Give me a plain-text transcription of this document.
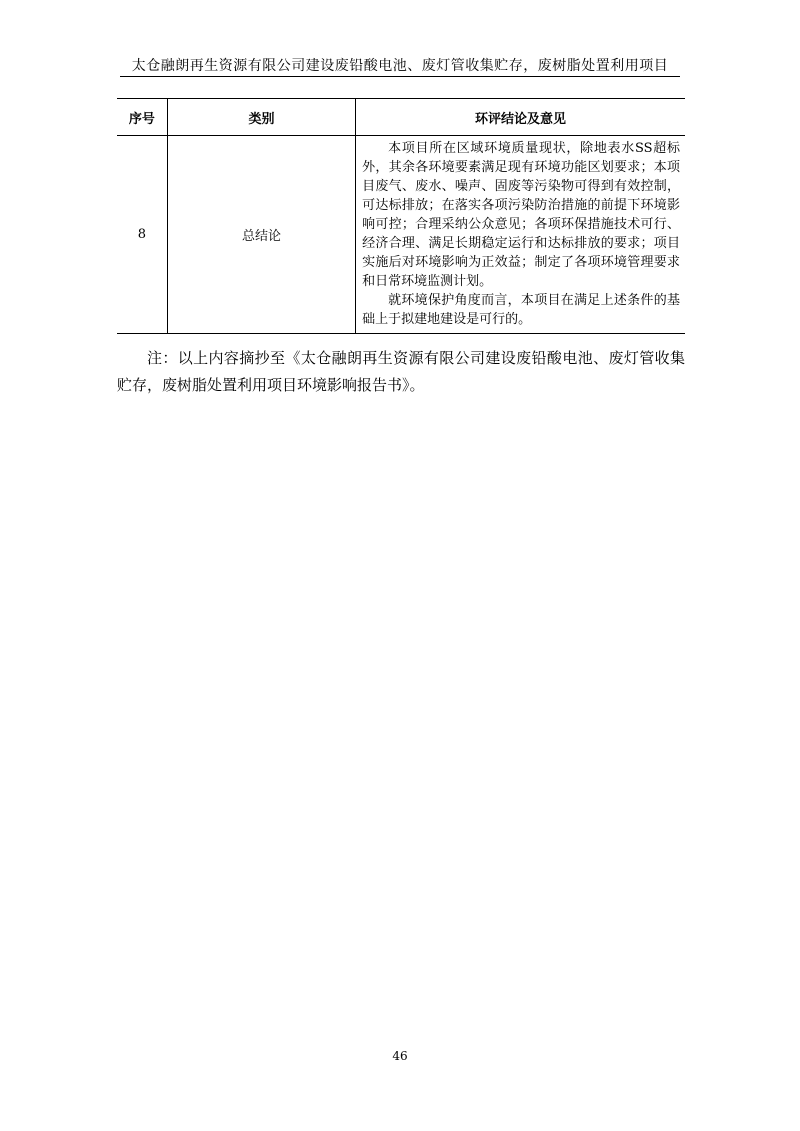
太仓融朗再生资源有限公司建设废铅酸电池、废灯管收集贮存，废树脂处置利用项目
序号	类别	环评结论及意见
8	总结论	本项目所在区域环境质量现状，除地表水SS超标外，其余各环境要素满足现有环境功能区划要求；本项目废气、废水、噪声、固废等污染物可得到有效控制，可达标排放；在落实各项污染防治措施的前提下环境影响可控；合理采纳公众意见；各项环保措施技术可行、经济合理、满足长期稳定运行和达标排放的要求；项目实施后对环境影响为正效益；制定了各项环境管理要求和日常环境监测计划。

就环境保护角度而言，本项目在满足上述条件的基础上于拟建地建设是可行的。

注：以上内容摘抄至《太仓融朗再生资源有限公司建设废铅酸电池、废灯管收集贮存，废树脂处置利用项目环境影响报告书》。

46
